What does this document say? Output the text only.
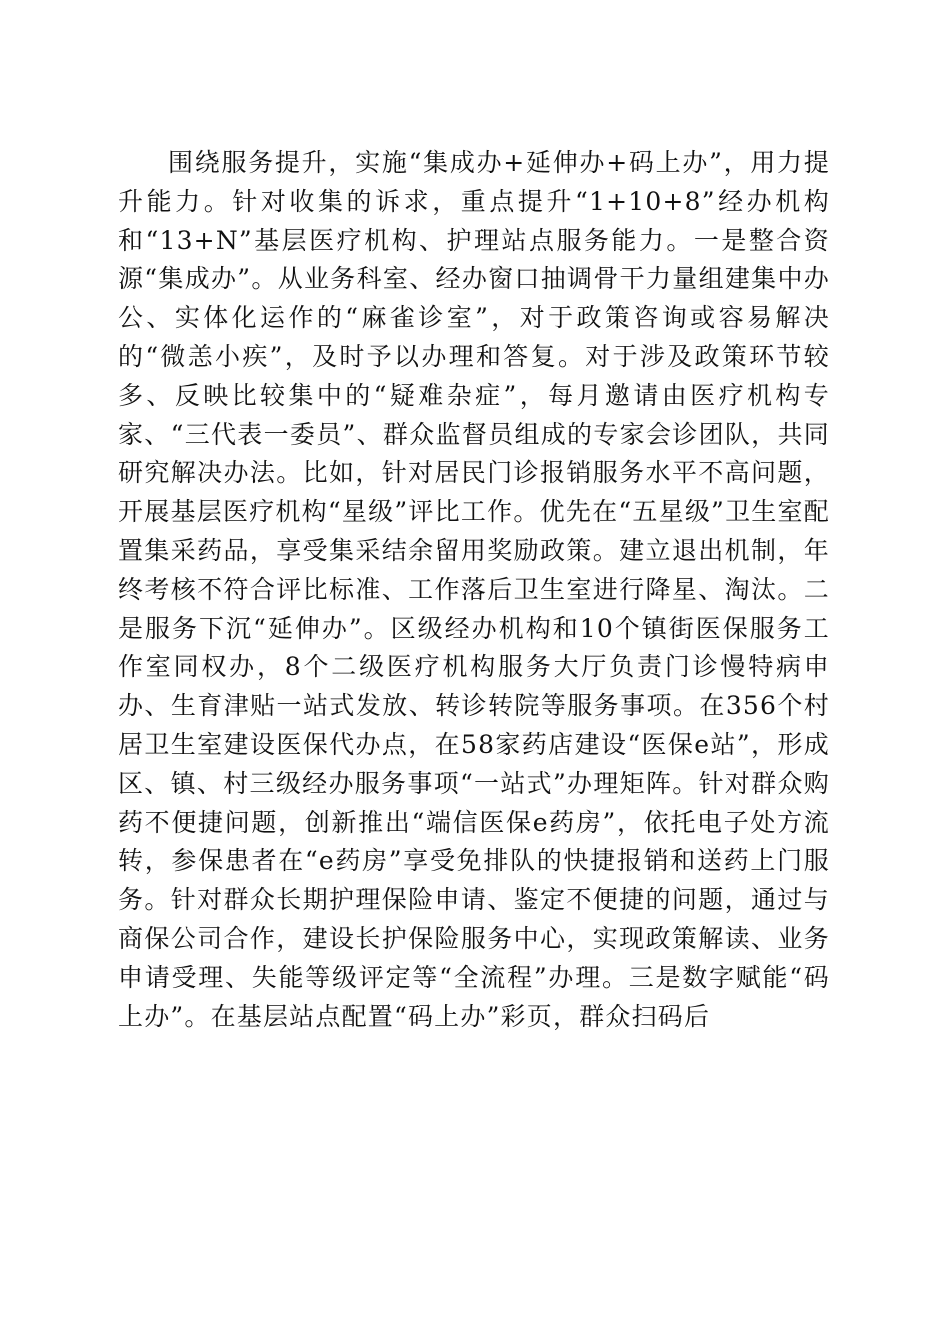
围绕服务提升，实施“集成办+延伸办+码上办”，用力提升能力。针对收集的诉求，重点提升“1+10+8”经办机构和“13+N”基层医疗机构、护理站点服务能力。一是整合资源“集成办”。从业务科室、经办窗口抽调骨干力量组建集中办公、实体化运作的“麻雀诊室”，对于政策咨询或容易解决的“微恙小疾”，及时予以办理和答复。对于涉及政策环节较多、反映比较集中的“疑难杂症”，每月邀请由医疗机构专家、“三代表一委员”、群众监督员组成的专家会诊团队，共同研究解决办法。比如，针对居民门诊报销服务水平不高问题，开展基层医疗机构“星级”评比工作。优先在“五星级”卫生室配置集采药品，享受集采结余留用奖励政策。建立退出机制，年终考核不符合评比标准、工作落后卫生室进行降星、淘汰。二是服务下沉“延伸办”。区级经办机构和10个镇街医保服务工作室同权办，8个二级医疗机构服务大厅负责门诊慢特病申办、生育津贴一站式发放、转诊转院等服务事项。在356个村居卫生室建设医保代办点，在58家药店建设“医保e站”，形成区、镇、村三级经办服务事项“一站式”办理矩阵。针对群众购药不便捷问题，创新推出“端信医保e药房”，依托电子处方流转，参保患者在“e药房”享受免排队的快捷报销和送药上门服务。针对群众长期护理保险申请、鉴定不便捷的问题，通过与商保公司合作，建设长护保险服务中心，实现政策解读、业务申请受理、失能等级评定等“全流程”办理。三是数字赋能“码上办”。在基层站点配置“码上办”彩页，群众扫码后
